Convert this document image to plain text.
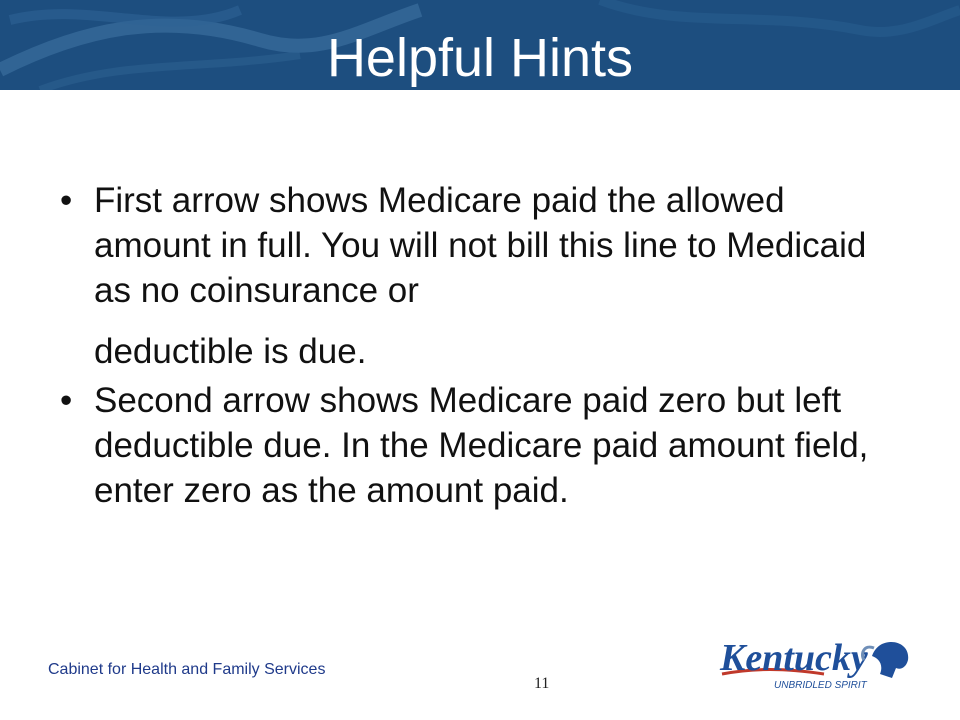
Helpful Hints
• First arrow shows Medicare paid the allowed amount in full. You will not bill this line to Medicaid as no coinsurance or
deductible is due.
• Second arrow shows Medicare paid zero but left deductible due. In the Medicare paid amount field, enter zero as the amount paid.
Cabinet for Health and Family Services
11
Kentucky
UNBRIDLED SPIRIT
